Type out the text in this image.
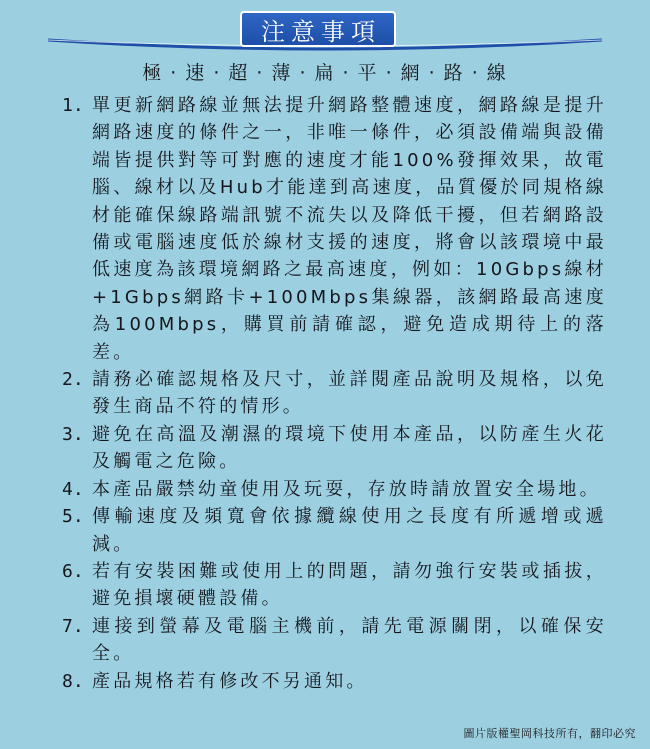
注意事項
極 · 速 · 超 · 薄 · 扁 · 平 · 網 · 路 · 線
1. 單更新網路線並無法提升網路整體速度，網路線是提升網路速度的條件之一，非唯一條件，必須設備端與設備端皆提供對等可對應的速度才能100%發揮效果，故電腦、線材以及Hub才能達到高速度，品質優於同規格線材能確保線路端訊號不流失以及降低干擾，但若網路設備或電腦速度低於線材支援的速度，將會以該環境中最低速度為該環境網路之最高速度，例如：10Gbps線材+1Gbps網路卡+100Mbps集線器，該網路最高速度為100Mbps，購買前請確認，避免造成期待上的落差。
2. 請務必確認規格及尺寸，並詳閱產品說明及規格，以免發生商品不符的情形。
3. 避免在高溫及潮濕的環境下使用本產品，以防產生火花及觸電之危險。
4. 本產品嚴禁幼童使用及玩耍，存放時請放置安全場地。
5. 傳輸速度及頻寬會依據纜線使用之長度有所遞增或遞減。
6. 若有安裝困難或使用上的問題，請勿強行安裝或插拔，避免損壞硬體設備。
7. 連接到螢幕及電腦主機前，請先電源關閉，以確保安全。
8. 產品規格若有修改不另通知。
圖片版權聖岡科技所有，翻印必究
